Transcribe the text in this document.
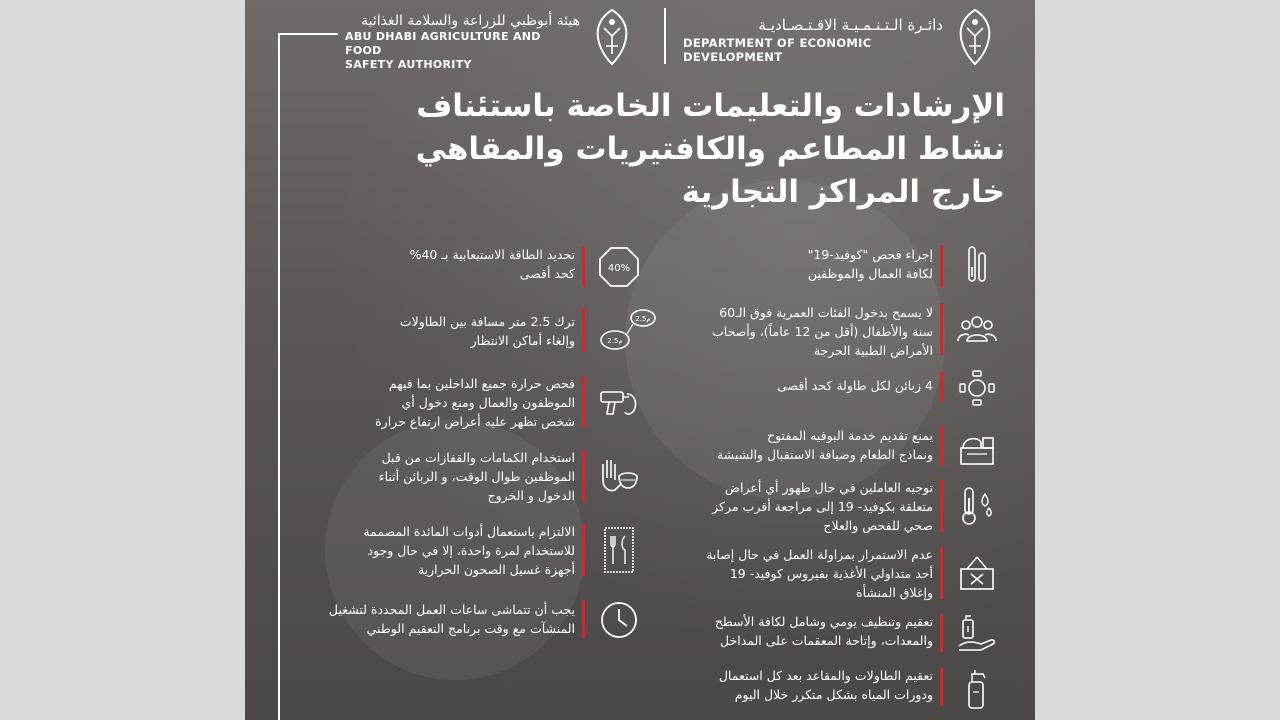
هيئة أبوظبي للزراعة والسلامة الغذائية
ABU DHABI AGRICULTURE AND FOOD
SAFETY AUTHORITY
دائـرة الـتـنـمـيـة الاقـتـصـاديـة
DEPARTMENT OF ECONOMIC DEVELOPMENT
الإرشادات والتعليمات الخاصة باستئناف
نشاط المطاعم والكافتيريات والمقاهي
خارج المراكز التجارية
تحديد الطاقة الاستيعابية بـ 40%
كحد أقصى	40%
ترك 2.5 متر مسافة بين الطاولات
وإلغاء أماكن الانتظار	2.5م
2.5م
فحص حرارة جميع الداخلين بما فيهم
الموظفون والعمال ومنع دخول أي
شخص تظهر عليه أعراض ارتفاع حرارة
استخدام الكمامات والقفازات من قبل
الموظفين طوال الوقت، و الزبائن أثناء
الدخول و الخروج
الالتزام باستعمال أدوات المائدة المصممة
للاستخدام لمرة واحدة، إلا في حال وجود
أجهزة غسيل الصحون الحرارية
يجب أن تتماشى ساعات العمل المحددة لتشغيل
المنشآت مع وقت برنامج التعقيم الوطني
إجراء فحص "كوفيد-19"
لكافة العمال والموظفين
لا يسمح بدخول الفئات العمرية فوق الـ60
سنة والأطفال (أقل من 12 عاماً)، وأصحاب
الأمراض الطبية الحرجة
4 زبائن لكل طاولة كحد أقصى
يمنع تقديم خدمة البوفيه المفتوح
ونماذج الطعام وضيافة الاستقبال والشيشة
توجيه العاملين في حال ظهور أي أعراض
متعلقة بكوفيد- 19 إلى مراجعة أقرب مركز
صحي للفحص والعلاج
عدم الاستمرار بمزاولة العمل في حال إصابة
أحد متداولي الأغذية بفيروس كوفيد- 19
وإغلاق المنشأة
تعقيم وتنظيف يومي وشامل لكافة الأسطح
والمعدات، وإتاحة المعقمات على المداخل
تعقيم الطاولات والمقاعد بعد كل استعمال
ودورات المياه بشكل متكرر خلال اليوم
